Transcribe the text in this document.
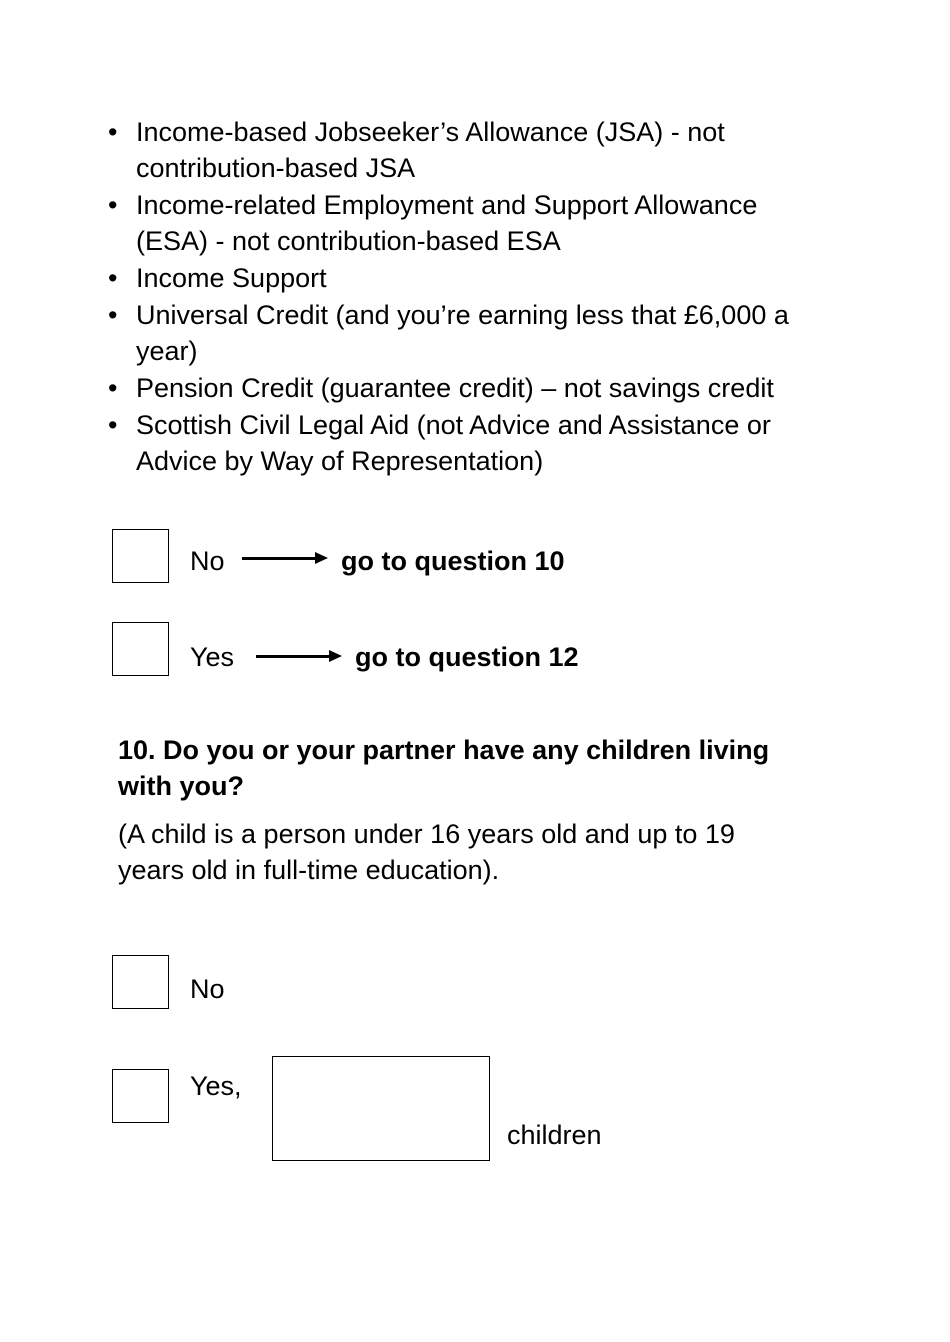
• Income-based Jobseeker’s Allowance (JSA) - not
contribution-based JSA
• Income-related Employment and Support Allowance
(ESA) - not contribution-based ESA
• Income Support
• Universal Credit (and you’re earning less that £6,000 a
year)
• Pension Credit (guarantee credit) – not savings credit
• Scottish Civil Legal Aid (not Advice and Assistance or
Advice by Way of Representation)
No	go to question 10
Yes	go to question 12
10. Do you or your partner have any children living
with you?
(A child is a person under 16 years old and up to 19
years old in full-time education).
No
Yes,
children
